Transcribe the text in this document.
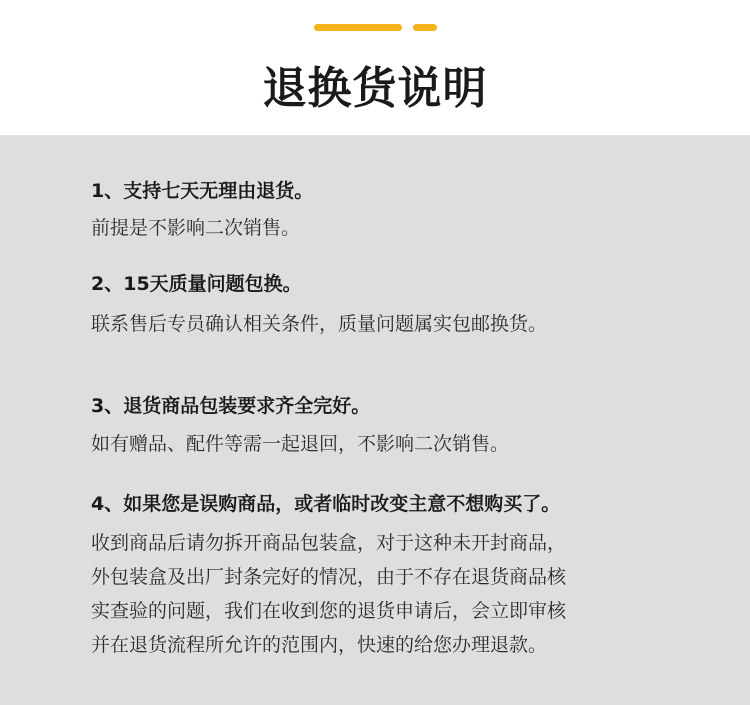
退换货说明
1、支持七天无理由退货。
前提是不影响二次销售。
2、15天质量问题包换。
联系售后专员确认相关条件，质量问题属实包邮换货。
3、退货商品包装要求齐全完好。
如有赠品、配件等需一起退回，不影响二次销售。
4、如果您是误购商品，或者临时改变主意不想购买了。
收到商品后请勿拆开商品包装盒，对于这种未开封商品，
外包装盒及出厂封条完好的情况，由于不存在退货商品核
实查验的问题，我们在收到您的退货申请后，会立即审核
并在退货流程所允许的范围内，快速的给您办理退款。
